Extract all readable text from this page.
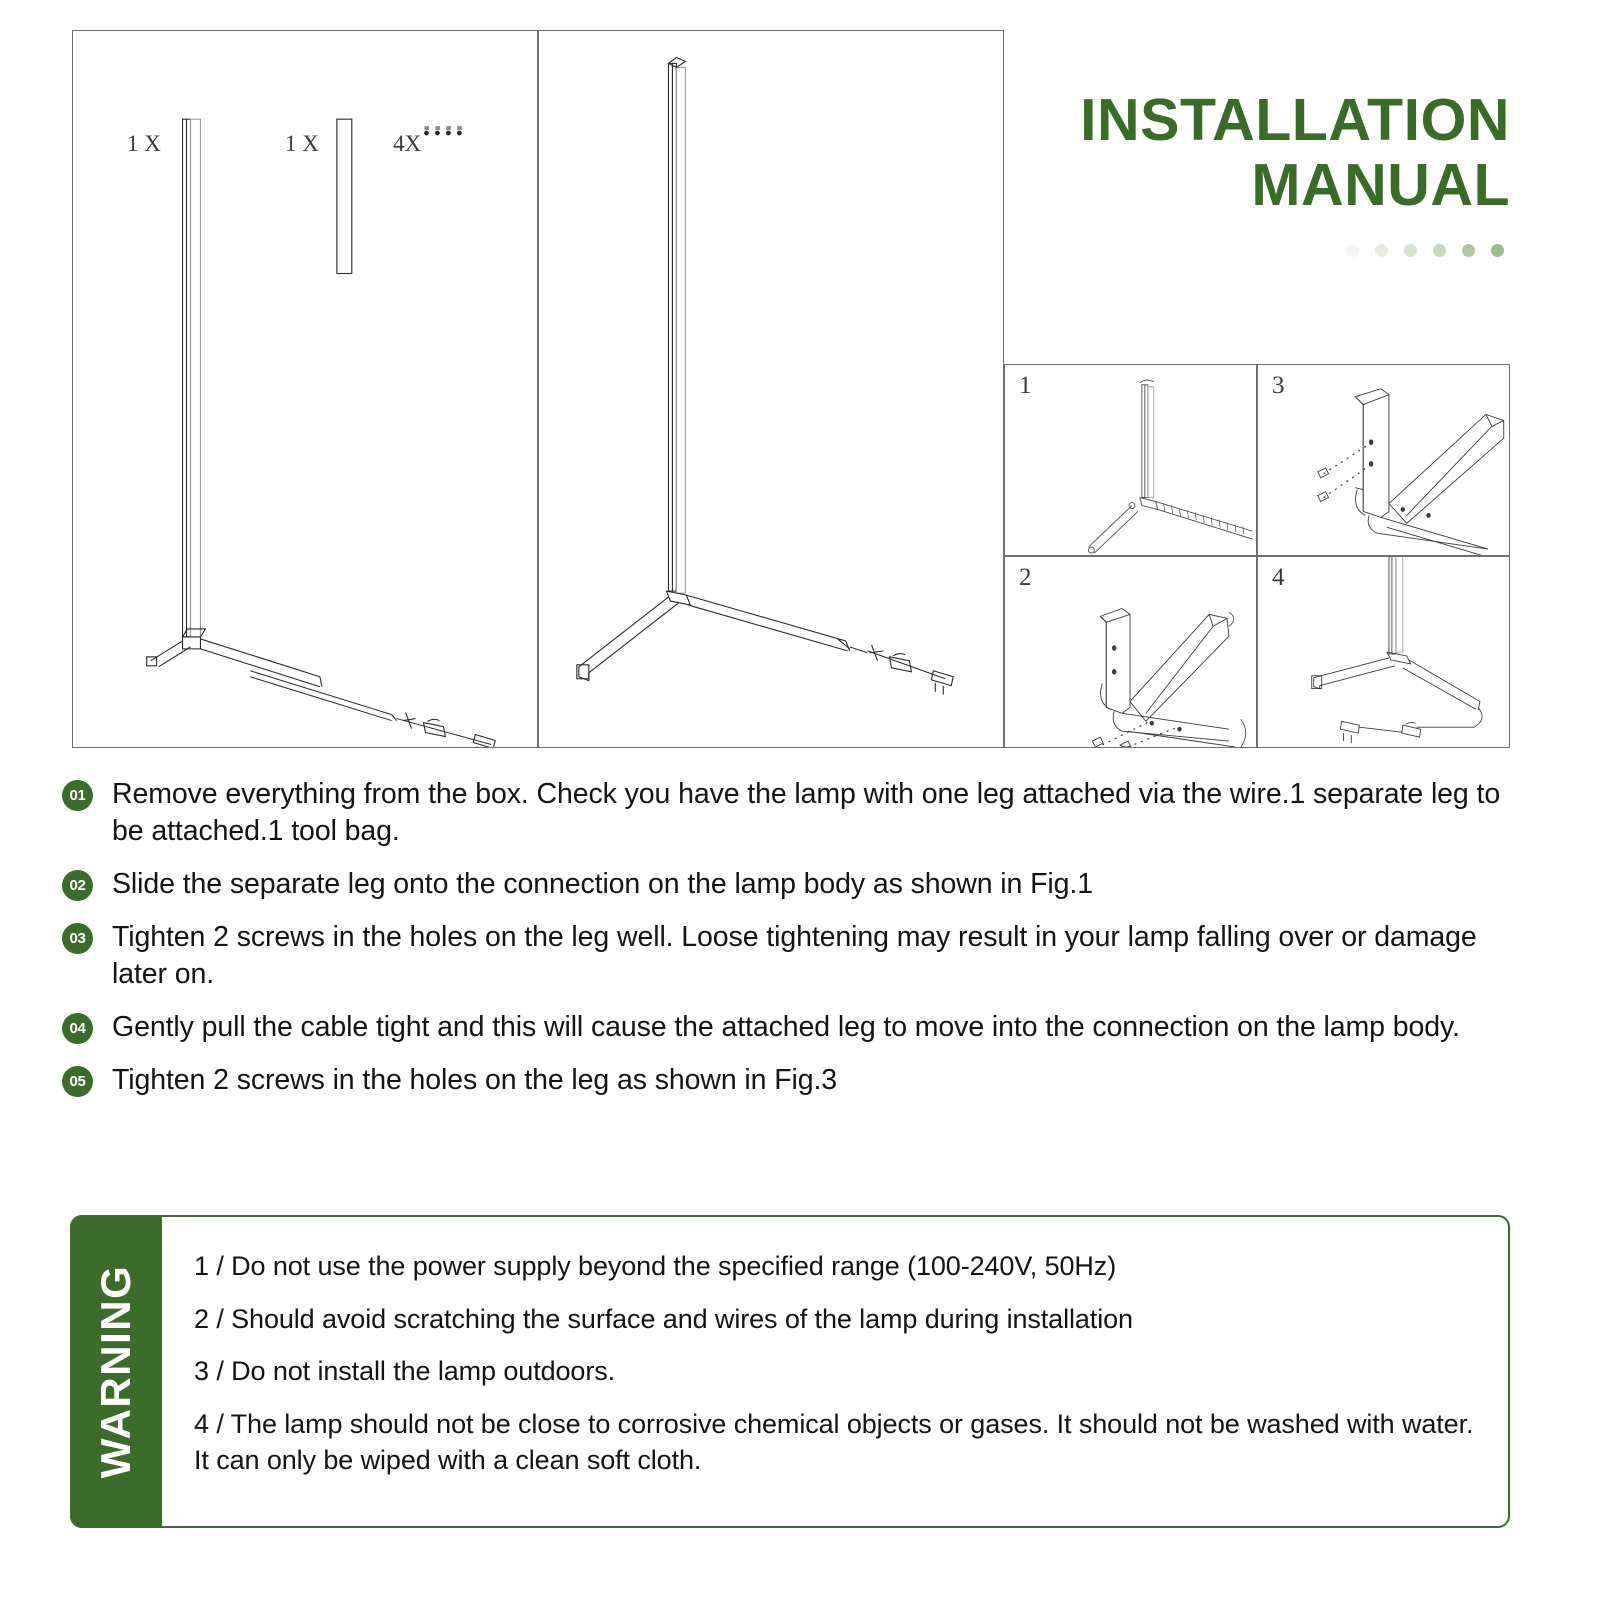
1 X	1 X	4X
1	3
2	4
INSTALLATION
MANUAL
01 Remove everything from the box. Check you have the lamp with one leg attached via the wire.1 separate leg to be attached.1 tool bag.
02 Slide the separate leg onto the connection on the lamp body as shown in Fig.1
03 Tighten 2 screws in the holes on the leg well. Loose tightening may result in your lamp falling over or damage later on.
04 Gently pull the cable tight and this will cause the attached leg to move into the connection on the lamp body.
05 Tighten 2 screws in the holes on the leg as shown in Fig.3
WARNING	1 / Do not use the power supply beyond the specified range (100-240V, 50Hz)
2 / Should avoid scratching the surface and wires of the lamp during installation
3 / Do not install the lamp outdoors.
4 / The lamp should not be close to corrosive chemical objects or gases. It should not be washed with water. It can only be wiped with a clean soft cloth.
